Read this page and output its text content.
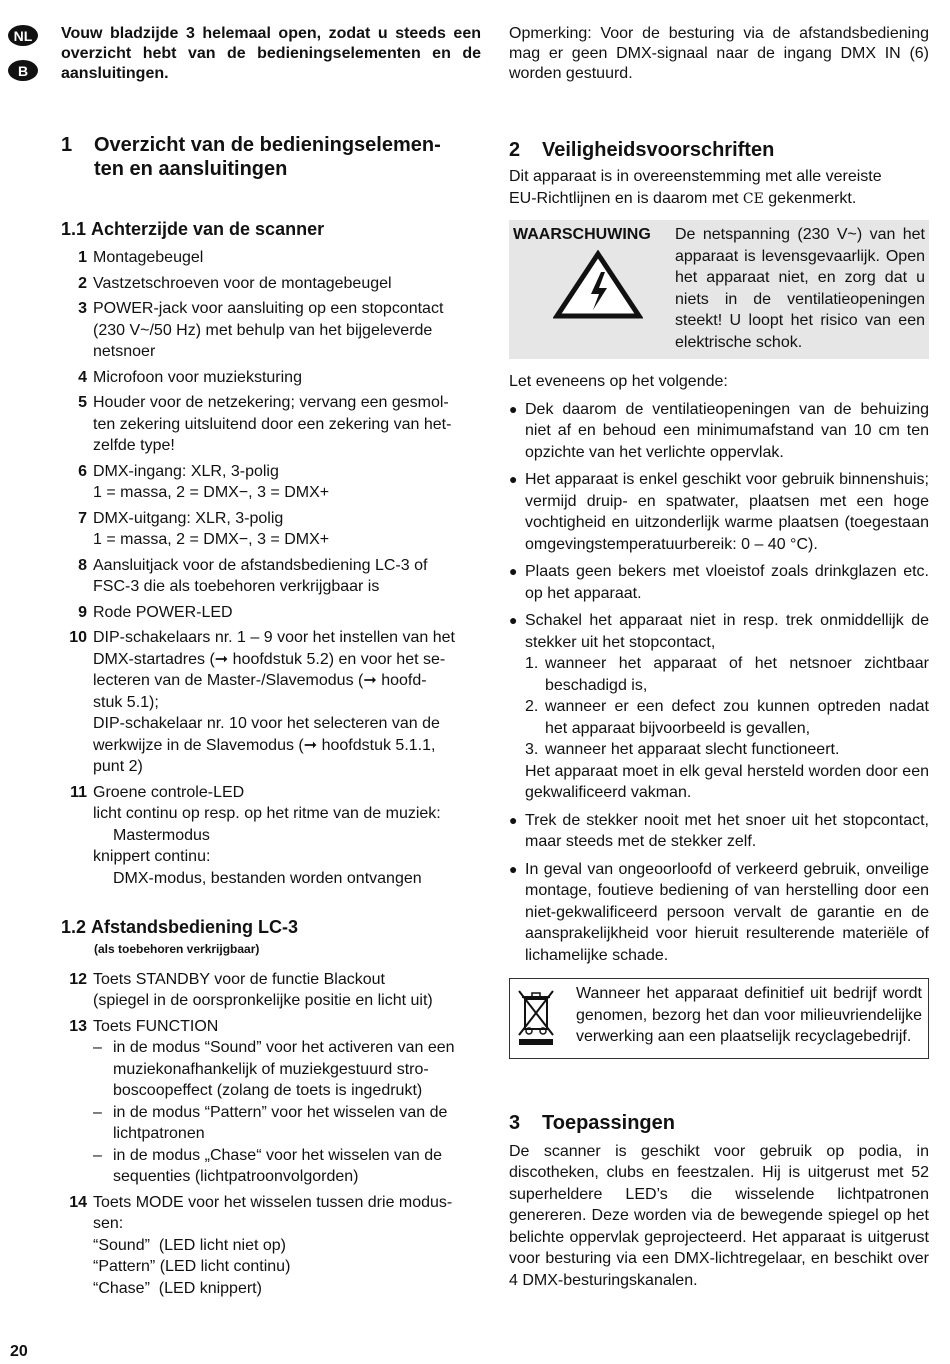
NL
B
Vouw bladzijde 3 helemaal open, zodat u steeds een overzicht hebt van de bedieningselementen en de aansluitingen.
Opmerking: Voor de besturing via de afstandsbediening mag er geen DMX-signaal naar de ingang DMX IN (6) worden gestuurd.
1	Overzicht van de bedieningselemen-
ten en aansluitingen
1.1 Achterzijde van de scanner
1 Montagebeugel
2 Vastzetschroeven voor de montagebeugel
3 POWER-jack voor aansluiting op een stopcontact
(230 V~/50 Hz) met behulp van het bijgeleverde
netsnoer
4 Microfoon voor muzieksturing
5 Houder voor de netzekering; vervang een gesmol-
ten zekering uitsluitend door een zekering van het-
zelfde type!
6 DMX-ingang: XLR, 3-polig
1 = massa, 2 = DMX−, 3 = DMX+
7 DMX-uitgang: XLR, 3-polig
1 = massa, 2 = DMX−, 3 = DMX+
8 Aansluitjack voor de afstandsbediening LC-3 of
FSC-3 die als toebehoren verkrijgbaar is
9 Rode POWER-LED
10 DIP-schakelaars nr. 1 – 9 voor het instellen van het
DMX-startadres (➞ hoofdstuk 5.2) en voor het se-
lecteren van de Master-/Slavemodus (➞ hoofd-
stuk 5.1);
DIP-schakelaar nr. 10 voor het selecteren van de
werkwijze in de Slavemodus (➞ hoofdstuk 5.1.1,
punt 2)
11 Groene controle-LED
licht continu op resp. op het ritme van de muziek:
Mastermodus
knippert continu:
DMX-modus, bestanden worden ontvangen
1.2 Afstandsbediening LC-3
(als toebehoren verkrijgbaar)
12 Toets STANDBY voor de functie Blackout
(spiegel in de oorspronkelijke positie en licht uit)
13 Toets FUNCTION
– in de modus “Sound” voor het activeren van een
muziekonafhankelijk of muziekgestuurd stro-
boscoopeffect (zolang de toets is ingedrukt)
– in de modus “Pattern” voor het wisselen van de
lichtpatronen
– in de modus „Chase“ voor het wisselen van de
sequenties (lichtpatroonvolgorden)
14 Toets MODE voor het wisselen tussen drie modus-
sen:
“Sound”  (LED licht niet op)
“Pattern” (LED licht continu)
“Chase”  (LED knippert)
2	Veiligheidsvoorschriften
Dit apparaat is in overeenstemming met alle vereiste
EU-Richtlijnen en is daarom met CE gekenmerkt.
WAARSCHUWING	De netspanning (230 V~) van het apparaat is levensgevaarlijk. Open het apparaat niet, en zorg dat u niets in de ventilatieopeningen steekt! U loopt het risico van een elektrische schok.
Let eveneens op het volgende:
● Dek daarom de ventilatieopeningen van de behuizing niet af en behoud een minimumafstand van 10 cm ten opzichte van het verlichte oppervlak.
● Het apparaat is enkel geschikt voor gebruik binnenshuis; vermijd druip- en spatwater, plaatsen met een hoge vochtigheid en uitzonderlijk warme plaatsen (toegestaan omgevingstemperatuurbereik: 0 – 40 °C).
● Plaats geen bekers met vloeistof zoals drinkglazen etc. op het apparaat.
● Schakel het apparaat niet in resp. trek onmiddellijk de stekker uit het stopcontact,
1. wanneer het apparaat of het netsnoer zichtbaar beschadigd is,
2. wanneer er een defect zou kunnen optreden nadat het apparaat bijvoorbeeld is gevallen,
3. wanneer het apparaat slecht functioneert.
Het apparaat moet in elk geval hersteld worden door een gekwalificeerd vakman.
● Trek de stekker nooit met het snoer uit het stopcontact, maar steeds met de stekker zelf.
● In geval van ongeoorloofd of verkeerd gebruik, onveilige montage, foutieve bediening of van herstelling door een niet-gekwalificeerd persoon vervalt de garantie en de aansprakelijkheid voor hieruit resulterende materiële of lichamelijke schade.
Wanneer het apparaat definitief uit bedrijf wordt genomen, bezorg het dan voor milieuvriendelijke verwerking aan een plaatselijk recyclagebedrijf.
3	Toepassingen
De scanner is geschikt voor gebruik op podia, in discotheken, clubs en feestzalen. Hij is uitgerust met 52 superheldere LED’s die wisselende lichtpatronen genereren. Deze worden via de bewegende spiegel op het belichte oppervlak geprojecteerd. Het apparaat is uitgerust voor besturing via een DMX-lichtregelaar, en beschikt over 4 DMX-besturingskanalen.
20
